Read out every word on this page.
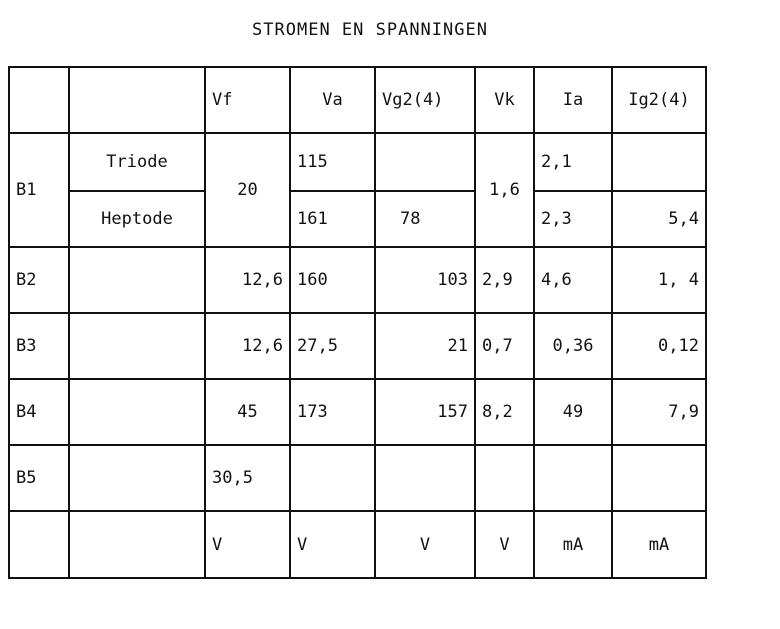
STROMEN EN SPANNINGEN
		Vf	Va	Vg2(4)	Vk	Ia	Ig2(4)
B1	Triode	20	115		1,6	2,1	
	Heptode		161	78		2,3	5,4
B2		12,6	160	103	2,9	4,6	1, 4
B3		12,6	27,5	21	0,7	0,36	0,12
B4		45	173	157	8,2	49	7,9
B5		30,5					
		V	V	V	V	mA	mA
